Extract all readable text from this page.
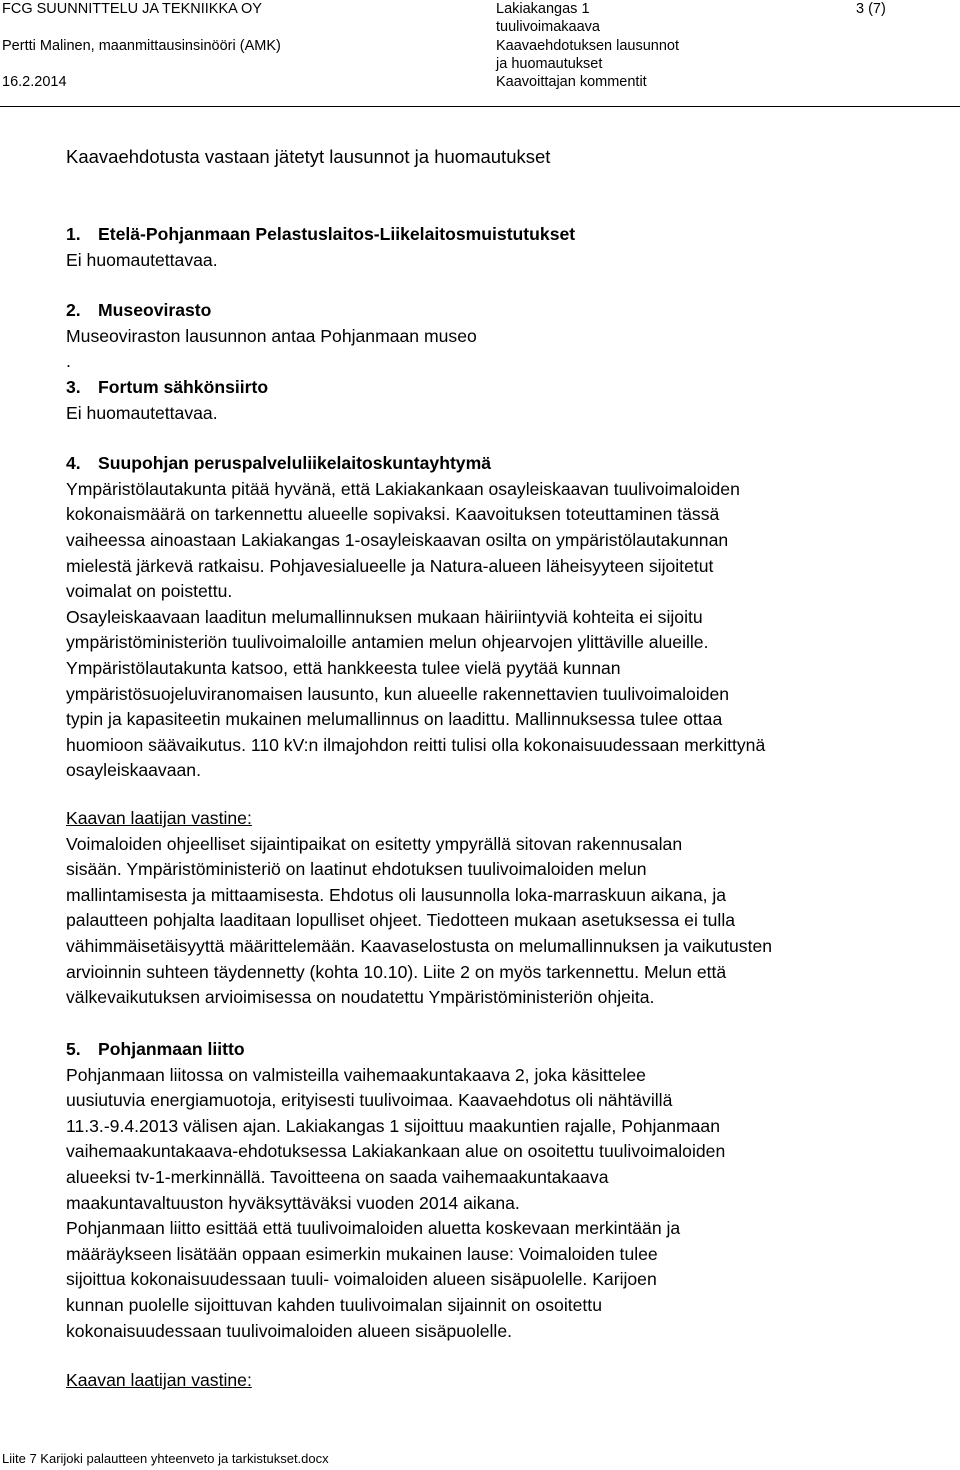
FCG SUUNNITTELU JA TEKNIIKKA OY
Pertti Malinen, maanmittausinsinööri (AMK)
16.2.2014
Lakiakangas 1
tuulivoimakaava
Kaavaehdotuksen lausunnot
ja huomautukset
Kaavoittajan kommentit
3 (7)
Kaavaehdotusta vastaan jätetyt lausunnot ja huomautukset

1. Etelä-Pohjanmaan Pelastuslaitos-Liikelaitosmuistutukset

Ei huomautettavaa.

2. Museovirasto

Museoviraston lausunnon antaa Pohjanmaan museo

.

3. Fortum sähkönsiirto

Ei huomautettavaa.

4. Suupohjan peruspalveluliikelaitoskuntayhtymä

Ympäristölautakunta pitää hyvänä, että Lakiakankaan osayleiskaavan tuulivoimaloiden

kokonaismäärä on tarkennettu alueelle sopivaksi. Kaavoituksen toteuttaminen tässä

vaiheessa ainoastaan Lakiakangas 1-osayleiskaavan osilta on ympäristölautakunnan

mielestä järkevä ratkaisu. Pohjavesialueelle ja Natura-alueen läheisyyteen sijoitetut

voimalat on poistettu.

Osayleiskaavaan laaditun melumallinnuksen mukaan häiriintyviä kohteita ei sijoitu

ympäristöministeriön tuulivoimaloille antamien melun ohjearvojen ylittäville alueille.

Ympäristölautakunta katsoo, että hankkeesta tulee vielä pyytää kunnan

ympäristösuojeluviranomaisen lausunto, kun alueelle rakennettavien tuulivoimaloiden

typin ja kapasiteetin mukainen melumallinnus on laadittu. Mallinnuksessa tulee ottaa

huomioon säävaikutus. 110 kV:n ilmajohdon reitti tulisi olla kokonaisuudessaan merkittynä

osayleiskaavaan.

Kaavan laatijan vastine:

Voimaloiden ohjeelliset sijaintipaikat on esitetty ympyrällä sitovan rakennusalan

sisään. Ympäristöministeriö on laatinut ehdotuksen tuulivoimaloiden melun

mallintamisesta ja mittaamisesta. Ehdotus oli lausunnolla loka-marraskuun aikana, ja

palautteen pohjalta laaditaan lopulliset ohjeet. Tiedotteen mukaan asetuksessa ei tulla

vähimmäisetäisyyttä määrittelemään. Kaavaselostusta on melumallinnuksen ja vaikutusten

arvioinnin suhteen täydennetty (kohta 10.10). Liite 2 on myös tarkennettu. Melun että

välkevaikutuksen arvioimisessa on noudatettu Ympäristöministeriön ohjeita.

5. Pohjanmaan liitto

Pohjanmaan liitossa on valmisteilla vaihemaakuntakaava 2, joka käsittelee

uusiutuvia energiamuotoja, erityisesti tuulivoimaa. Kaavaehdotus oli nähtävillä

11.3.-9.4.2013 välisen ajan. Lakiakangas 1 sijoittuu maakuntien rajalle, Pohjanmaan

vaihemaakuntakaava-ehdotuksessa Lakiakankaan alue on osoitettu tuulivoimaloiden

alueeksi tv-1-merkinnällä. Tavoitteena on saada vaihemaakuntakaava

maakuntavaltuuston hyväksyttäväksi vuoden 2014 aikana.

Pohjanmaan liitto esittää että tuulivoimaloiden aluetta koskevaan merkintään ja

määräykseen lisätään oppaan esimerkin mukainen lause: Voimaloiden tulee

sijoittua kokonaisuudessaan tuuli- voimaloiden alueen sisäpuolelle. Karijoen

kunnan puolelle sijoittuvan kahden tuulivoimalan sijainnit on osoitettu

kokonaisuudessaan tuulivoimaloiden alueen sisäpuolelle.

Kaavan laatijan vastine:

Liite 7 Karijoki palautteen yhteenveto ja tarkistukset.docx
